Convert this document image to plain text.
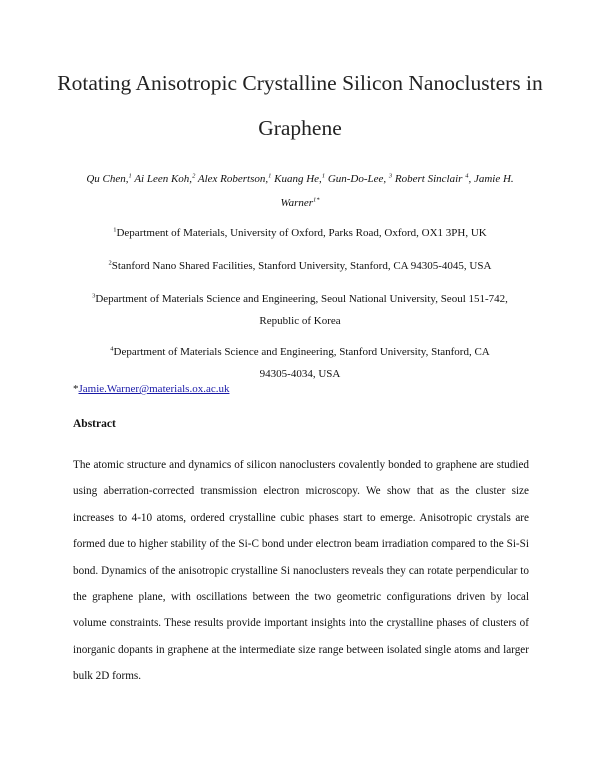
Rotating Anisotropic Crystalline Silicon Nanoclusters in
Graphene
Qu Chen,$^1$ Ai Leen Koh,$^2$ Alex Robertson,$^1$ Kuang He,$^1$ Gun-Do-Lee, $^3$ Robert Sinclair $^4$, Jamie H.
Warner$^{1*}$
$^1$Department of Materials, University of Oxford, Parks Road, Oxford, OX1 3PH, UK
$^2$Stanford Nano Shared Facilities, Stanford University, Stanford, CA 94305-4045, USA
$^3$Department of Materials Science and Engineering, Seoul National University, Seoul 151-742,
Republic of Korea
$^4$Department of Materials Science and Engineering, Stanford University, Stanford, CA
94305-4034, USA
*Jamie.Warner@materials.ox.ac.uk
Abstract

The atomic structure and dynamics of silicon nanoclusters covalently bonded to graphene are studied using aberration-corrected transmission electron microscopy. We show that as the cluster size increases to 4-10 atoms, ordered crystalline cubic phases start to emerge. Anisotropic crystals are formed due to higher stability of the Si-C bond under electron beam irradiation compared to the Si-Si bond. Dynamics of the anisotropic crystalline Si nanoclusters reveals they can rotate perpendicular to the graphene plane, with oscillations between the two geometric configurations driven by local volume constraints. These results provide important insights into the crystalline phases of clusters of inorganic dopants in graphene at the intermediate size range between isolated single atoms and larger bulk 2D forms.
